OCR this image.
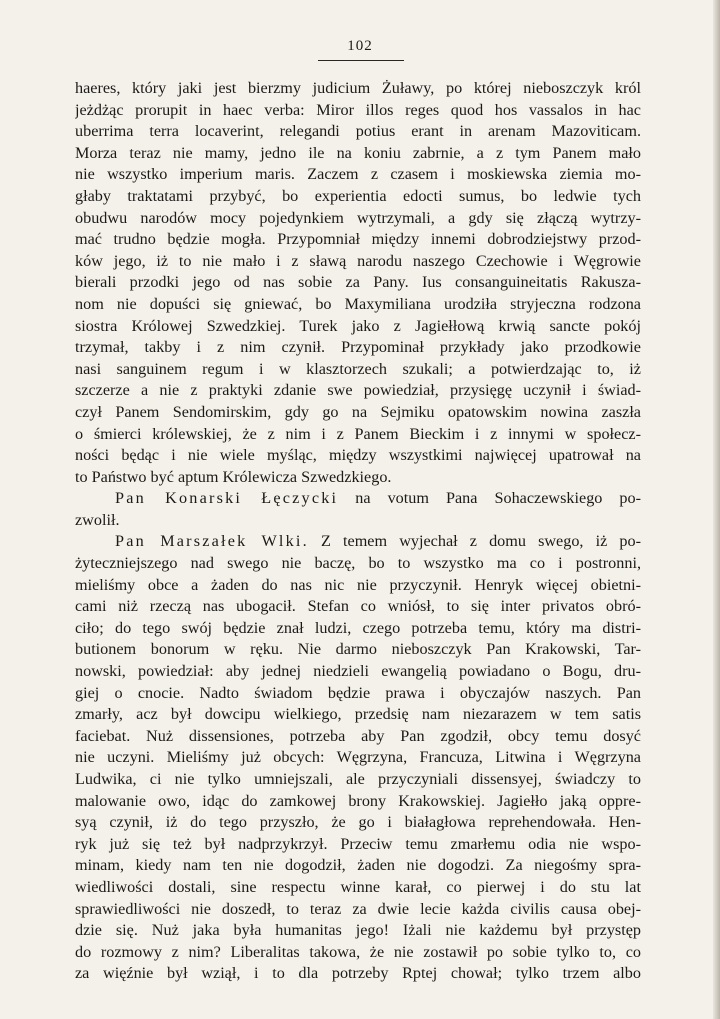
102
haeres, który jaki jest bierzmy judicium Żuławy, po której nieboszczyk król
jeżdżąc prorupit in haec verba: Miror illos reges quod hos vassalos in hac
uberrima terra locaverint, relegandi potius erant in arenam Mazoviticam.
Morza teraz nie mamy, jedno ile na koniu zabrnie, a z tym Panem mało
nie wszystko imperium maris. Zaczem z czasem i moskiewska ziemia mo-
głaby traktatami przybyć, bo experientia edocti sumus, bo ledwie tych
obudwu narodów mocy pojedynkiem wytrzymali, a gdy się złączą wytrzy-
mać trudno będzie mogła. Przypomniał między innemi dobrodziejstwy przod-
ków jego, iż to nie mało i z sławą narodu naszego Czechowie i Węgrowie
bierali przodki jego od nas sobie za Pany. Ius consanguineitatis Rakusza-
nom nie dopuści się gniewać, bo Maxymiliana urodziła stryjeczna rodzona
siostra Królowej Szwedzkiej. Turek jako z Jagiełłową krwią sancte pokój
trzymał, takby i z nim czynił. Przypominał przykłady jako przodkowie
nasi sanguinem regum i w klasztorzech szukali; a potwierdzając to, iż
szczerze a nie z praktyki zdanie swe powiedział, przysięgę uczynił i świad-
czył Panem Sendomirskim, gdy go na Sejmiku opatowskim nowina zaszła
o śmierci królewskiej, że z nim i z Panem Bieckim i z innymi w społecz-
ności będąc i nie wiele myśląc, między wszystkimi najwięcej upatrował na
to Państwo być aptum Królewicza Szwedzkiego.
Pan Konarski Łęczycki na votum Pana Sohaczewskiego po-
zwolił.
Pan Marszałek Wlki. Z temem wyjechał z domu swego, iż po-
żyteczniejszego nad swego nie baczę, bo to wszystko ma co i postronni,
mieliśmy obce a żaden do nas nic nie przyczynił. Henryk więcej obietni-
cami niż rzeczą nas ubogacił. Stefan co wniósł, to się inter privatos obró-
ciło; do tego swój będzie znał ludzi, czego potrzeba temu, który ma distri-
butionem bonorum w ręku. Nie darmo nieboszczyk Pan Krakowski, Tar-
nowski, powiedział: aby jednej niedzieli ewangelią powiadano o Bogu, dru-
giej o cnocie. Nadto świadom będzie prawa i obyczajów naszych. Pan
zmarły, acz był dowcipu wielkiego, przedsię nam niezarazem w tem satis
faciebat. Nuż dissensiones, potrzeba aby Pan zgodził, obcy temu dosyć
nie uczyni. Mieliśmy już obcych: Węgrzyna, Francuza, Litwina i Węgrzyna
Ludwika, ci nie tylko umniejszali, ale przyczyniali dissensyej, świadczy to
malowanie owo, idąc do zamkowej brony Krakowskiej. Jagiełło jaką oppre-
syą czynił, iż do tego przyszło, że go i białagłowa reprehendowała. Hen-
ryk już się też był nadprzykrzył. Przeciw temu zmarłemu odia nie wspo-
minam, kiedy nam ten nie dogodził, żaden nie dogodzi. Za niegośmy spra-
wiedliwości dostali, sine respectu winne karał, co pierwej i do stu lat
sprawiedliwości nie doszedł, to teraz za dwie lecie każda civilis causa obej-
dzie się. Nuż jaka była humanitas jego! Iżali nie każdemu był przystęp
do rozmowy z nim? Liberalitas takowa, że nie zostawił po sobie tylko to, co
za więźnie był wziął, i to dla potrzeby Rptej chował; tylko trzem albo
